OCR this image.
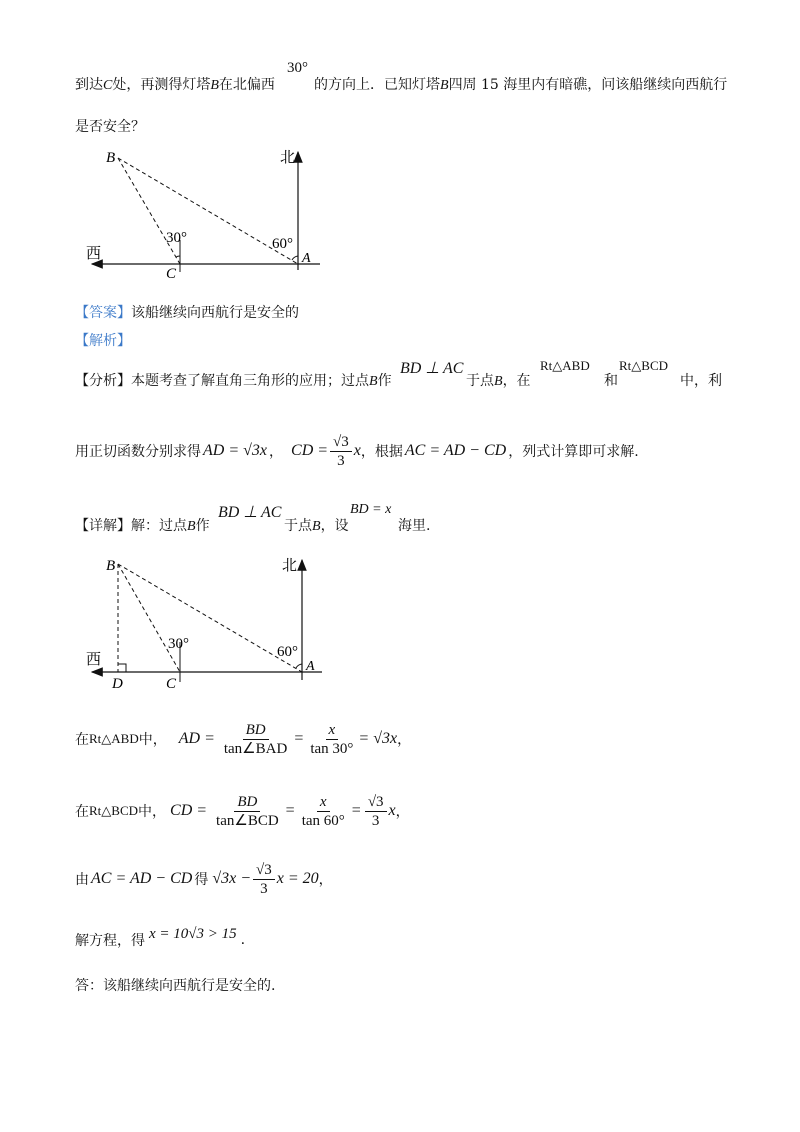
到达C处，再测得灯塔B在北偏西
30°
的方向上．已知灯塔B四周 15 海里内有暗礁，问该船继续向西航行
是否安全？
北
西
B
A
C
30°	60°
【答案】该船继续向西航行是安全的
【解析】
【分析】本题考查了解直角三角形的应用；过点B作
BD ⊥ AC
于点B，在
Rt△ABD
和
Rt△BCD
中，利
用正切函数分别求得 AD = √3x ， CD = $\frac{√3}{3}$ x ，根据 AC = AD − CD ，列式计算即可求解.
【详解】解：过点B作
BD ⊥ AC
于点B，设
BD = x
海里.
北
西
B
A
C
D
30°	60°
在 Rt△ABD 中， AD = $\frac{BD}{\text{tan∠BAD}} = \frac{x}{\tan 30^\circ} = √3x$ ，
在 Rt△BCD 中， CD = $\frac{BD}{\text{tan∠BCD}} = \frac{x}{\tan 60^\circ} = \frac{√3}{3}$ x ，
由 AC = AD − CD 得 $√3x - \frac{√3}{3}$ x = 20 ，
解方程，得 x = 10√3 > 15 .
答：该船继续向西航行是安全的.
